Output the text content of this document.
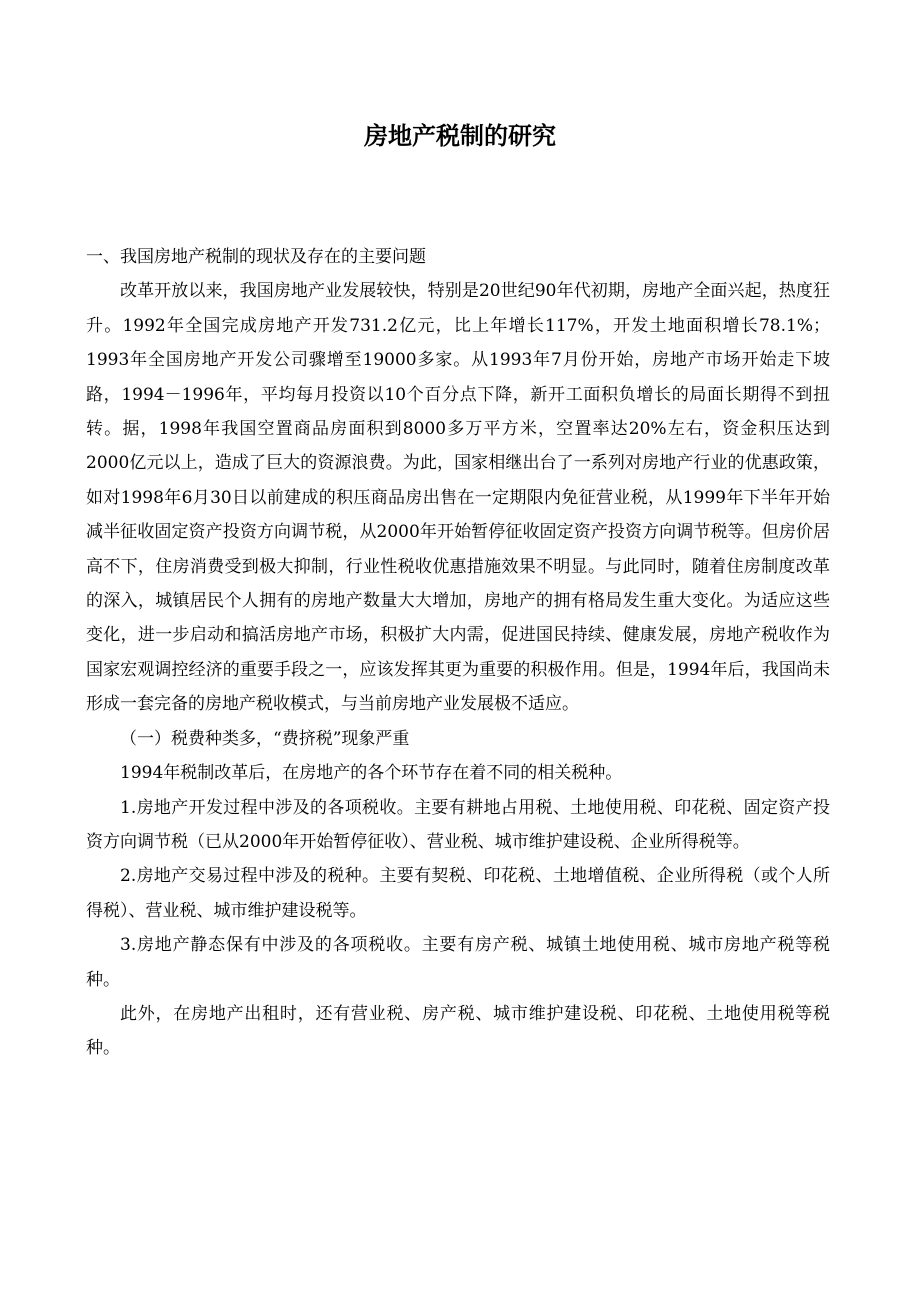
房地产税制的研究

一、我国房地产税制的现状及存在的主要问题

改革开放以来，我国房地产业发展较快，特别是20世纪90年代初期，房地产全面兴起，热度狂升。1992年全国完成房地产开发731.2亿元，比上年增长117%，开发土地面积增长78.1%；1993年全国房地产开发公司骤增至19000多家。从1993年7月份开始，房地产市场开始走下坡路，1994－1996年，平均每月投资以10个百分点下降，新开工面积负增长的局面长期得不到扭转。据，1998年我国空置商品房面积到8000多万平方米，空置率达20%左右，资金积压达到2000亿元以上，造成了巨大的资源浪费。为此，国家相继出台了一系列对房地产行业的优惠政策，如对1998年6月30日以前建成的积压商品房出售在一定期限内免征营业税，从1999年下半年开始减半征收固定资产投资方向调节税，从2000年开始暂停征收固定资产投资方向调节税等。但房价居高不下，住房消费受到极大抑制，行业性税收优惠措施效果不明显。与此同时，随着住房制度改革的深入，城镇居民个人拥有的房地产数量大大增加，房地产的拥有格局发生重大变化。为适应这些变化，进一步启动和搞活房地产市场，积极扩大内需，促进国民持续、健康发展，房地产税收作为国家宏观调控经济的重要手段之一，应该发挥其更为重要的积极作用。但是，1994年后，我国尚未形成一套完备的房地产税收模式，与当前房地产业发展极不适应。

（一）税费种类多，“费挤税”现象严重

1994年税制改革后，在房地产的各个环节存在着不同的相关税种。

1.房地产开发过程中涉及的各项税收。主要有耕地占用税、土地使用税、印花税、固定资产投资方向调节税（已从2000年开始暂停征收）、营业税、城市维护建设税、企业所得税等。

2.房地产交易过程中涉及的税种。主要有契税、印花税、土地增值税、企业所得税（或个人所得税）、营业税、城市维护建设税等。

3.房地产静态保有中涉及的各项税收。主要有房产税、城镇土地使用税、城市房地产税等税种。

此外，在房地产出租时，还有营业税、房产税、城市维护建设税、印花税、土地使用税等税种。
